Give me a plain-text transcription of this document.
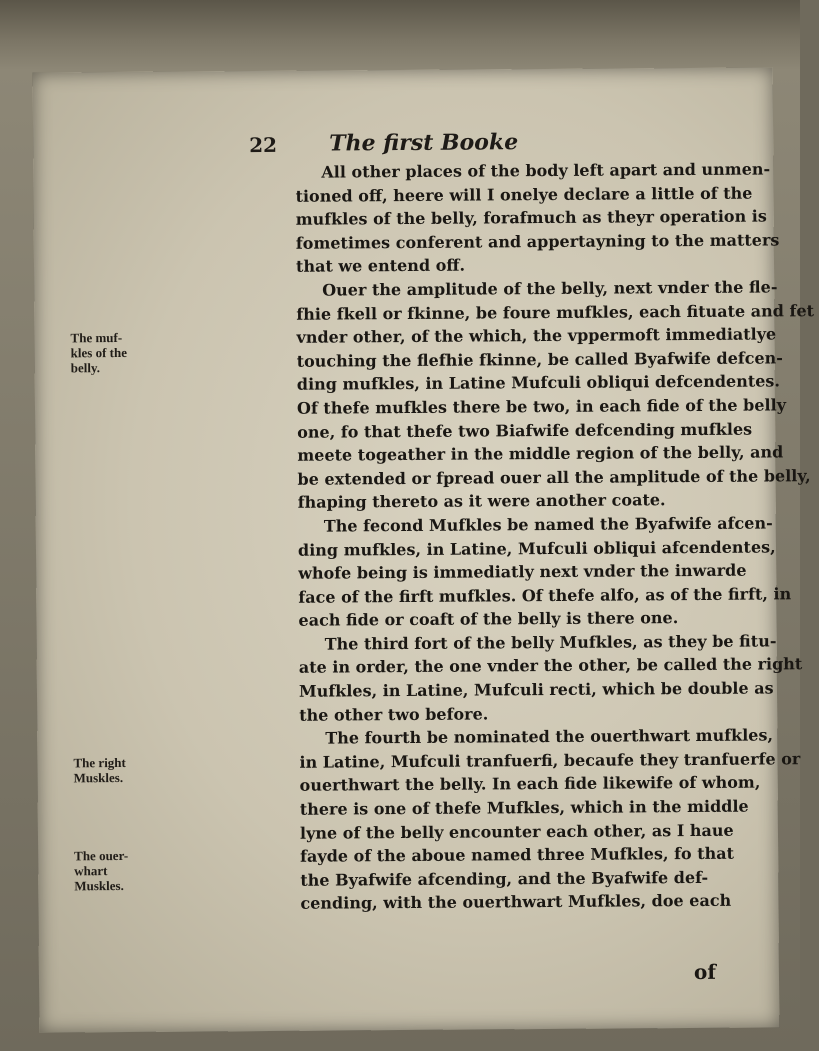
22 The first Booke
The muf- kles of the belly.
The right Muskles.
The ouer- whart Muskles.
All other places of the body left apart and unmen-
tioned off, heere will I onelye declare a little of the
mufkles of the belly, forafmuch as theyr operation is
fometimes conferent and appertayning to the matters
that we entend off.
Ouer the amplitude of the belly, next vnder the fle-
fhie fkell or fkinne, be foure mufkles, each fituate and fet
vnder other, of the which, the vppermoft immediatlye
touching the flefhie fkinne, be called Byafwife defcen-
ding mufkles, in Latine Mufculi obliqui defcendentes.
Of thefe mufkles there be two, in each fide of the belly
one, fo that thefe two Biafwife defcending mufkles
meete togeather in the middle region of the belly, and
be extended or fpread ouer all the amplitude of the belly,
fhaping thereto as it were another coate.
The fecond Mufkles be named the Byafwife afcen-
ding mufkles, in Latine, Mufculi obliqui afcendentes,
whofe being is immediatly next vnder the inwarde
face of the firft mufkles. Of thefe alfo, as of the firft, in
each fide or coaft of the belly is there one.
The third fort of the belly Mufkles, as they be fitu-
ate in order, the one vnder the other, be called the right
Mufkles, in Latine, Mufculi recti, which be double as
the other two before.
The fourth be nominated the ouerthwart mufkles,
in Latine, Mufculi tranfuerfi, becaufe they tranfuerfe or
ouerthwart the belly. In each fide likewife of whom,
there is one of thefe Mufkles, which in the middle
lyne of the belly encounter each other, as I haue
fayde of the aboue named three Mufkles, fo that
the Byafwife afcending, and the Byafwife def-
cending, with the ouerthwart Mufkles, doe each
of
